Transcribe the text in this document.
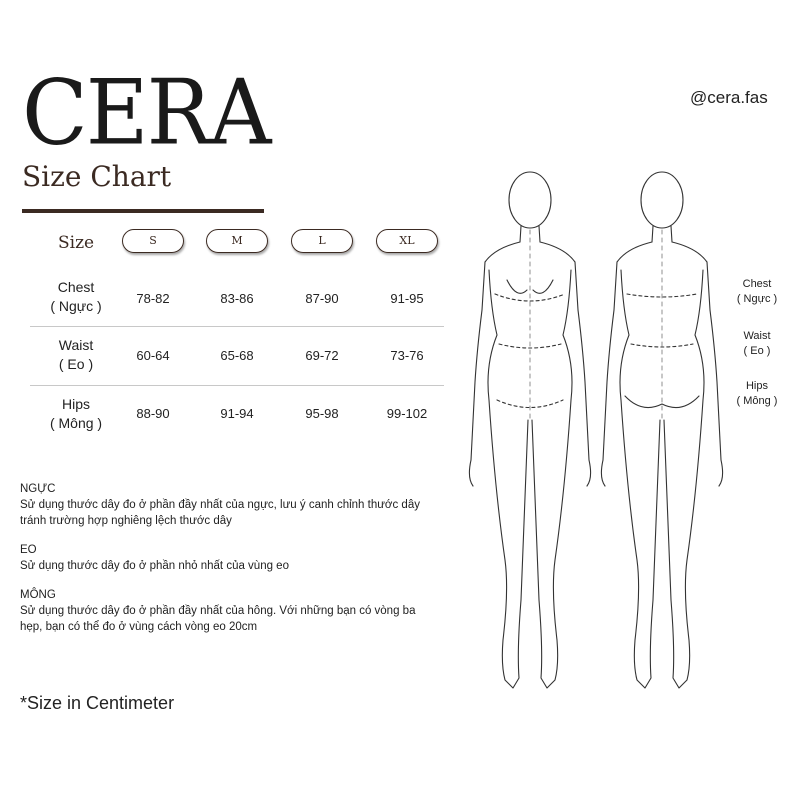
CERA
Size Chart
@cera.fas
Size	S	M	L	XL
Chest
( Ngực )	78-82	83-86	87-90	91-95
Waist
( Eo )
60-64	65-68	69-72	73-76
Hips
( Mông )
88-90	91-94	95-98	99-102
NGỰC
Sử dụng thước dây đo ở phần đầy nhất của ngực, lưu ý canh chỉnh thước dây
tránh trường hợp nghiêng lệch thước dây
EO
Sử dụng thước dây đo ở phần nhỏ nhất của vùng eo
MÔNG
Sử dụng thước dây đo ở phần đầy nhất của hông. Với những bạn có vòng ba
hẹp, bạn có thể đo ở vùng cách vòng eo 20cm
*Size in Centimeter
Chest
( Ngực )
Waist
( Eo )
Hips
( Mông )
